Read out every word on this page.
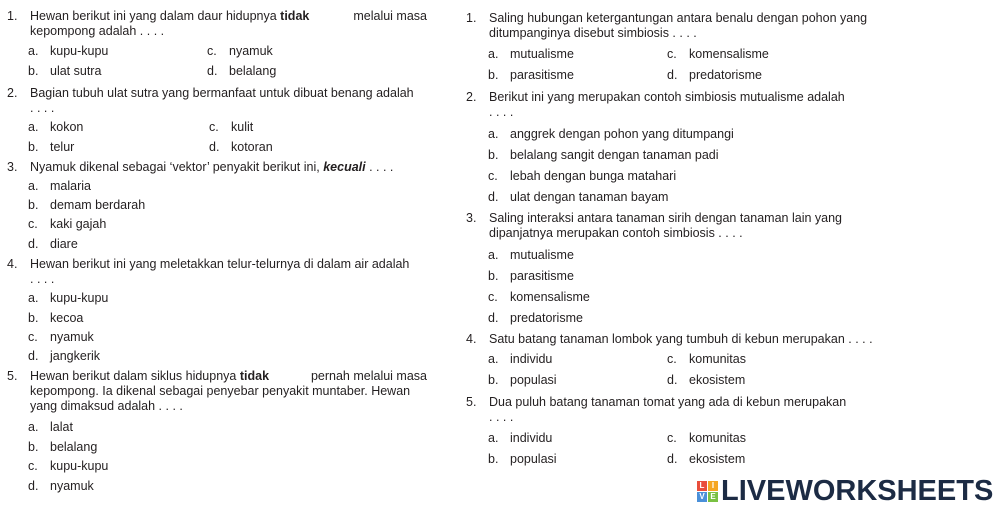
1. Hewan berikut ini yang dalam daur hidupnya tidak	melalui masa
kepompong adalah . . . .
a. kupu-kupu
b. ulat sutra
c. nyamuk
d. belalang
2. Bagian tubuh ulat sutra yang bermanfaat untuk dibuat benang adalah
. . . .
a. kokon
b. telur
c. kulit
d. kotoran
3. Nyamuk dikenal sebagai ‘vektor’ penyakit berikut ini, kecuali . . . .
a. malaria
b. demam berdarah
c. kaki gajah
d. diare
4. Hewan berikut ini yang meletakkan telur-telurnya di dalam air adalah
. . . .
a. kupu-kupu
b. kecoa
c. nyamuk
d. jangkerik
5. Hewan berikut dalam siklus hidupnya tidak	pernah melalui masa
kepompong. Ia dikenal sebagai penyebar penyakit muntaber. Hewan
yang dimaksud adalah . . . .
a. lalat
b. belalang
c. kupu-kupu
d. nyamuk
1. Saling hubungan ketergantungan antara benalu dengan pohon yang
ditumpanginya disebut simbiosis . . . .
a. mutualisme
b. parasitisme
c. komensalisme
d. predatorisme
2. Berikut ini yang merupakan contoh simbiosis mutualisme adalah
. . . .
a. anggrek dengan pohon yang ditumpangi
b. belalang sangit dengan tanaman padi
c. lebah dengan bunga matahari
d. ulat dengan tanaman bayam
3. Saling interaksi antara tanaman sirih dengan tanaman lain yang
dipanjatnya merupakan contoh simbiosis . . . .
a. mutualisme
b. parasitisme
c. komensalisme
d. predatorisme
4. Satu batang tanaman lombok yang tumbuh di kebun merupakan . . . .
a. individu
b. populasi
c. komunitas
d. ekosistem
5. Dua puluh batang tanaman tomat yang ada di kebun merupakan
. . . .
a. individu
b. populasi
c. komunitas
d. ekosistem
L I
V E LIVEWORKSHEETS
